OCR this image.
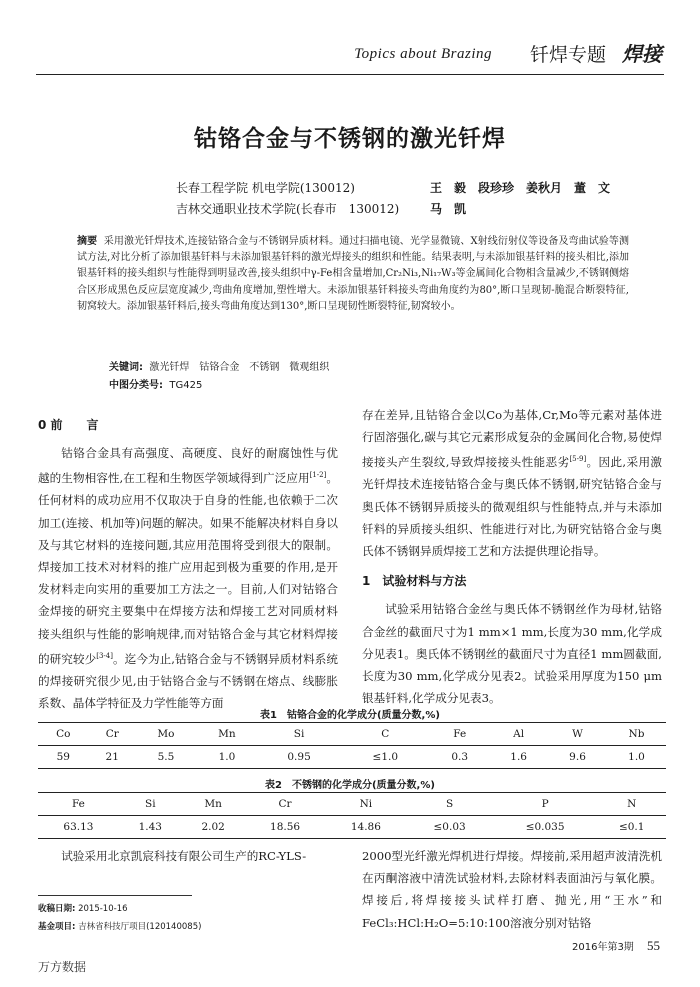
Topics about Brazing 钎焊专题 焊接
钴铬合金与不锈钢的激光钎焊
长春工程学院 机电学院(130012)
吉林交通职业技术学院(长春市　130012)
王　毅　段珍珍　姜秋月　董　文
马　凯
摘要 采用激光钎焊技术,连接钴铬合金与不锈钢异质材料。通过扫描电镜、光学显微镜、X射线衍射仪等设备及弯曲试验等测试方法,对比分析了添加银基钎料与未添加银基钎料的激光焊接头的组织和性能。结果表明,与未添加银基钎料的接头相比,添加银基钎料的接头组织与性能得到明显改善,接头组织中γ-Fe相含量增加,Cr₂Ni₃,Ni₁₇W₃等金属间化合物相含量减少,不锈钢侧熔合区形成黑色反应层宽度减少,弯曲角度增加,塑性增大。未添加银基钎料接头弯曲角度约为80°,断口呈现韧-脆混合断裂特征,韧窝较大。添加银基钎料后,接头弯曲角度达到130°,断口呈现韧性断裂特征,韧窝较小。
关键词: 激光钎焊　钴铬合金　不锈钢　微观组织
中图分类号: TG425
0 前　　言

钴铬合金具有高强度、高硬度、良好的耐腐蚀性与优越的生物相容性,在工程和生物医学领域得到广泛应用[1-2]。任何材料的成功应用不仅取决于自身的性能,也依赖于二次加工(连接、机加等)问题的解决。如果不能解决材料自身以及与其它材料的连接问题,其应用范围将受到很大的限制。焊接加工技术对材料的推广应用起到极为重要的作用,是开发材料走向实用的重要加工方法之一。目前,人们对钴铬合金焊接的研究主要集中在焊接方法和焊接工艺对同质材料接头组织与性能的影响规律,而对钴铬合金与其它材料焊接的研究较少[3-4]。迄今为止,钴铬合金与不锈钢异质材料系统的焊接研究很少见,由于钴铬合金与不锈钢在熔点、线膨胀系数、晶体学特征及力学性能等方面

存在差异,且钴铬合金以Co为基体,Cr,Mo等元素对基体进行固溶强化,碳与其它元素形成复杂的金属间化合物,易使焊接接头产生裂纹,导致焊接接头性能恶劣[5-9]。因此,采用激光钎焊技术连接钴铬合金与奥氏体不锈钢,研究钴铬合金与奥氏体不锈钢异质接头的微观组织与性能特点,并与未添加钎料的异质接头组织、性能进行对比,为研究钴铬合金与奥氏体不锈钢异质焊接工艺和方法提供理论指导。
1　试验材料与方法

试验采用钴铬合金丝与奥氏体不锈钢丝作为母材,钴铬合金丝的截面尺寸为1 mm×1 mm,长度为30 mm,化学成分见表1。奥氏体不锈钢丝的截面尺寸为直径1 mm圆截面,长度为30 mm,化学成分见表2。试验采用厚度为150 μm银基钎料,化学成分见表3。

表1　钴铬合金的化学成分(质量分数,%)
Co	Cr	Mo	Mn	Si	C	Fe	Al	W	Nb
59	21	5.5	1.0	0.95	≤1.0	0.3	1.6	9.6	1.0
表2　不锈钢的化学成分(质量分数,%)
Fe	Si	Mn	Cr	Ni	S	P	N
63.13	1.43	2.02	18.56	14.86	≤0.03	≤0.035	≤0.1

试验采用北京凯宸科技有限公司生产的RC-YLS-	2000型光纤激光焊机进行焊接。焊接前,采用超声波清洗机在丙酮溶液中清洗试验材料,去除材料表面油污与氧化膜。焊接后,将焊接接头试样打磨、抛光,用“王水”和FeCl₃:HCl:H₂O=5:10:100溶液分别对钴铬
收稿日期: 2015-10-16
基金项目: 吉林省科技厅项目(120140085)
2016年第3期 55
万方数据
